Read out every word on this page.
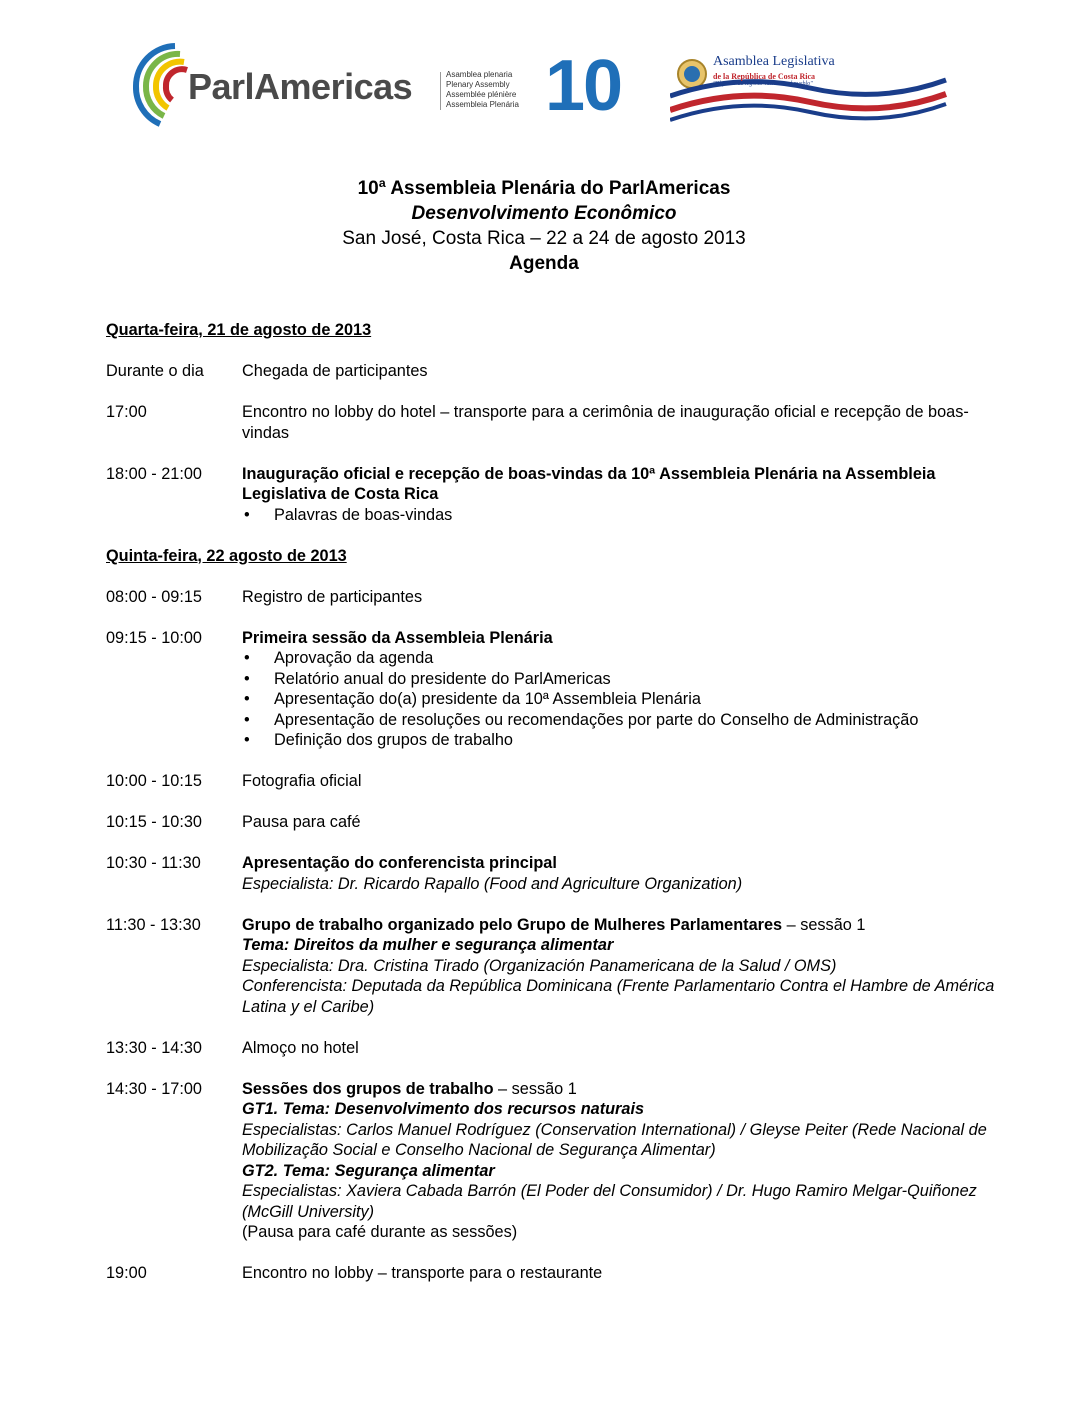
ParlAmericas	Asamblea plenaria
Plenary Assembly
Assemblée plénière
Assembleia Plenária 10	Asamblea Legislativa
de la República de Costa Rica
"El poder de legislar reside en el pueblo"
10ª Assembleia Plenária do ParlAmericas
Desenvolvimento Econômico
San José, Costa Rica – 22 a 24 de agosto 2013
Agenda
Quarta-feira, 21 de agosto de 2013
Durante o dia	Chegada de participantes
17:00	Encontro no lobby do hotel – transporte para a cerimônia de inauguração oficial e recepção de boas-vindas
18:00 - 21:00	Inauguração oficial e recepção de boas-vindas da 10ª Assembleia Plenária na Assembleia Legislativa de Costa Rica
• Palavras de boas-vindas
Quinta-feira, 22 agosto de 2013
08:00 - 09:15	Registro de participantes
09:15 - 10:00	Primeira sessão da Assembleia Plenária
• Aprovação da agenda
• Relatório anual do presidente do ParlAmericas
• Apresentação do(a) presidente da 10ª Assembleia Plenária
• Apresentação de resoluções ou recomendações por parte do Conselho de Administração
• Definição dos grupos de trabalho
10:00 - 10:15	Fotografia oficial
10:15 - 10:30	Pausa para café
10:30 - 11:30	Apresentação do conferencista principal
Especialista: Dr. Ricardo Rapallo (Food and Agriculture Organization)
11:30 - 13:30	Grupo de trabalho organizado pelo Grupo de Mulheres Parlamentares – sessão 1
Tema: Direitos da mulher e segurança alimentar
Especialista: Dra. Cristina Tirado (Organización Panamericana de la Salud / OMS)
Conferencista: Deputada da República Dominicana (Frente Parlamentario Contra el Hambre de América Latina y el Caribe)
13:30 - 14:30	Almoço no hotel
14:30 - 17:00	Sessões dos grupos de trabalho – sessão 1
GT1. Tema: Desenvolvimento dos recursos naturais
Especialistas: Carlos Manuel Rodríguez (Conservation International) / Gleyse Peiter (Rede Nacional de Mobilização Social e Conselho Nacional de Segurança Alimentar)
GT2. Tema: Segurança alimentar
Especialistas: Xaviera Cabada Barrón (El Poder del Consumidor) / Dr. Hugo Ramiro Melgar-Quiñonez (McGill University)
(Pausa para café durante as sessões)
19:00	Encontro no lobby – transporte para o restaurante
